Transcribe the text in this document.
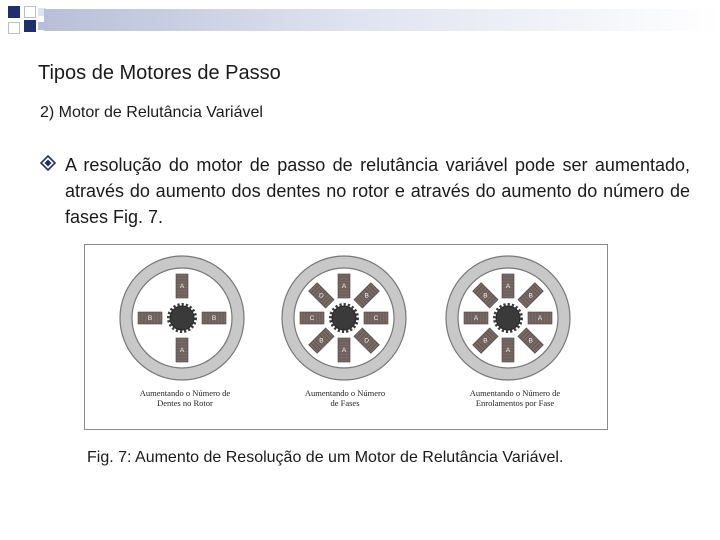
Tipos de Motores de Passo
2) Motor de Relutância Variável
A resolução do motor de passo de relutância variável pode ser aumentado, através do aumento dos dentes no rotor e através do aumento do número de fases Fig. 7.
A
B
A
B
A
B
C
D
A
B
C
D
A
B
A
B
A
B
A
B
Aumentando o Número de
Dentes no Rotor
Aumentando o Número
de Fases
Aumentando o Número de
Enrolamentos por Fase
Fig. 7: Aumento de Resolução de um Motor de Relutância Variável.
